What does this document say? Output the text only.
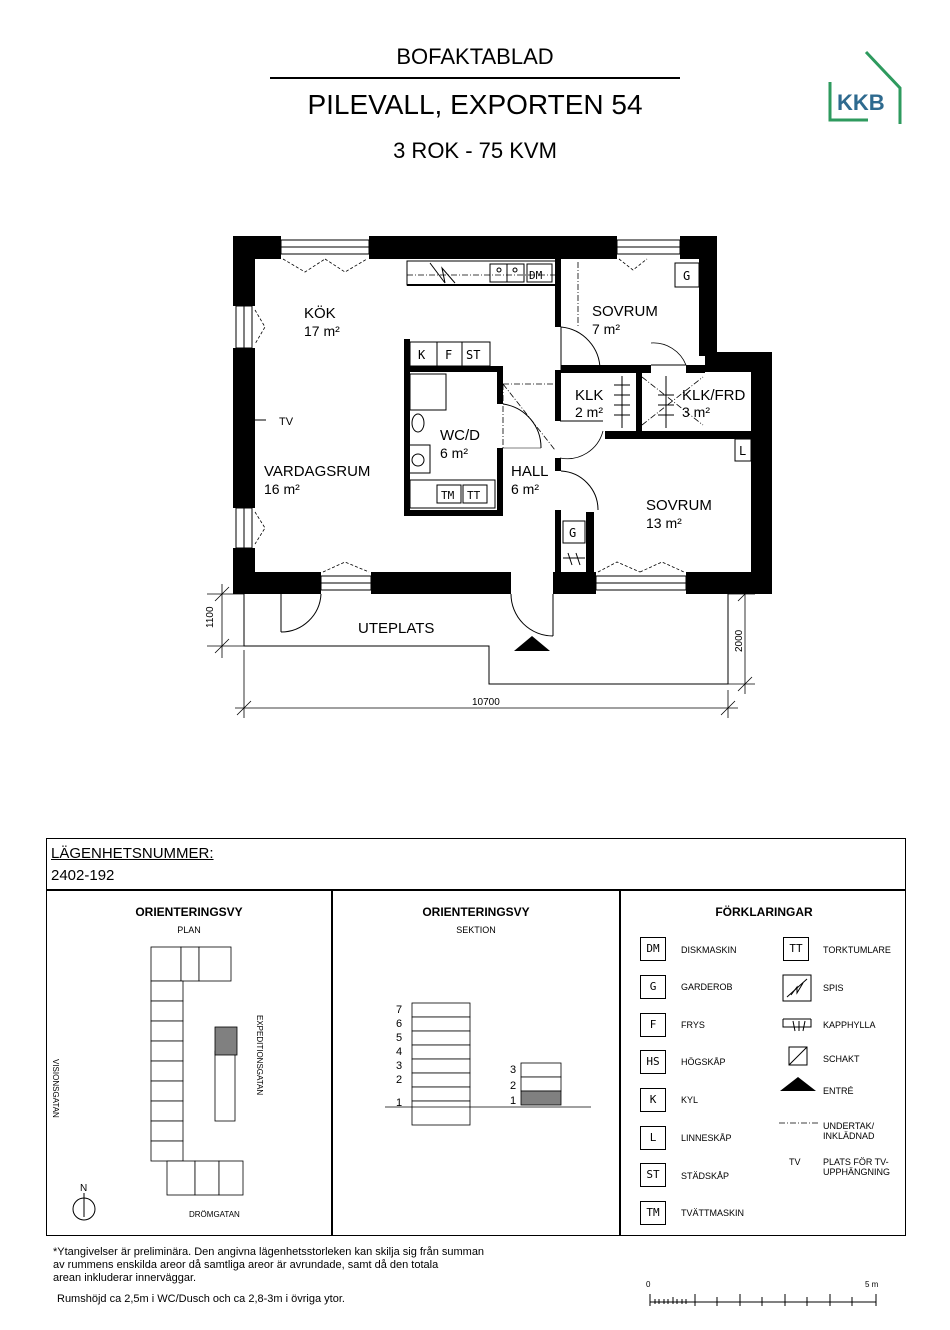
BOFAKTABLAD
PILEVALL, EXPORTEN 54
3 ROK - 75 KVM
KKB
DM
K F ST
TM TT
G
L
G
TV
1100
2000
10700
KÖK
17 m²
SOVRUM
7 m²
KLK
2 m²
KLK/FRD
3 m²
WC/D
6 m²
VARDAGSRUM
16 m²
HALL
6 m²
SOVRUM
13 m²
UTEPLATS
LÄGENHETSNUMMER:
2402-192
ORIENTERINGSVY
PLAN
VISIONSGATAN	EXPEDITIONSGATAN
DRÖMGATAN
N
ORIENTERINGSVY
SEKTION
7
6
5
4
3
2
1
3
2
1
FÖRKLARINGAR
DM	DISKMASKIN
G	GARDEROB
F	FRYS
HS	HÖGSKÅP
K	KYL
L	LINNESKÅP
ST	STÄDSKÅP
TM	TVÄTTMASKIN
TT	TORKTUMLARE
SPIS
KAPPHYLLA
SCHAKT
ENTRÉ
UNDERTAK/
INKLÄDNAD
TV PLATS FÖR TV-
UPPHÄNGNING
*Ytangivelser är preliminära. Den angivna lägenhetsstorleken kan skilja sig från summan
av rummens enskilda areor då samtliga areor är avrundade, samt då den totala
arean inkluderar innerväggar.
Rumshöjd ca 2,5m i WC/Dusch och ca 2,8-3m i övriga ytor.
0	5 m
